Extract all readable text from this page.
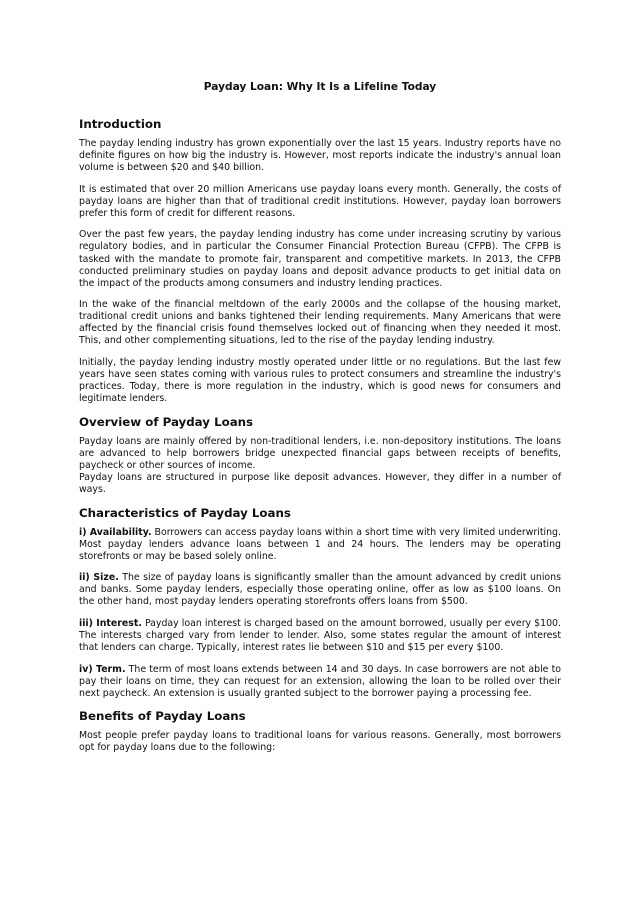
Payday Loan: Why It Is a Lifeline Today
Introduction

The payday lending industry has grown exponentially over the last 15 years. Industry reports have no definite figures on how big the industry is. However, most reports indicate the industry's annual loan volume is between $20 and $40 billion.

It is estimated that over 20 million Americans use payday loans every month. Generally, the costs of payday loans are higher than that of traditional credit institutions. However, payday loan borrowers prefer this form of credit for different reasons.

Over the past few years, the payday lending industry has come under increasing scrutiny by various regulatory bodies, and in particular the Consumer Financial Protection Bureau (CFPB). The CFPB is tasked with the mandate to promote fair, transparent and competitive markets. In 2013, the CFPB conducted preliminary studies on payday loans and deposit advance products to get initial data on the impact of the products among consumers and industry lending practices.

In the wake of the financial meltdown of the early 2000s and the collapse of the housing market, traditional credit unions and banks tightened their lending requirements. Many Americans that were affected by the financial crisis found themselves locked out of financing when they needed it most. This, and other complementing situations, led to the rise of the payday lending industry.

Initially, the payday lending industry mostly operated under little or no regulations. But the last few years have seen states coming with various rules to protect consumers and streamline the industry's practices. Today, there is more regulation in the industry, which is good news for consumers and legitimate lenders.

Overview of Payday Loans

Payday loans are mainly offered by non-traditional lenders, i.e. non-depository institutions. The loans are advanced to help borrowers bridge unexpected financial gaps between receipts of benefits, paycheck or other sources of income.

Payday loans are structured in purpose like deposit advances. However, they differ in a number of ways.

Characteristics of Payday Loans

i) Availability. Borrowers can access payday loans within a short time with very limited underwriting. Most payday lenders advance loans between 1 and 24 hours. The lenders may be operating storefronts or may be based solely online.

ii) Size. The size of payday loans is significantly smaller than the amount advanced by credit unions and banks. Some payday lenders, especially those operating online, offer as low as $100 loans. On the other hand, most payday lenders operating storefronts offers loans from $500.

iii) Interest. Payday loan interest is charged based on the amount borrowed, usually per every $100. The interests charged vary from lender to lender. Also, some states regular the amount of interest that lenders can charge. Typically, interest rates lie between $10 and $15 per every $100.

iv) Term. The term of most loans extends between 14 and 30 days. In case borrowers are not able to pay their loans on time, they can request for an extension, allowing the loan to be rolled over their next paycheck. An extension is usually granted subject to the borrower paying a processing fee.

Benefits of Payday Loans

Most people prefer payday loans to traditional loans for various reasons. Generally, most borrowers opt for payday loans due to the following:
